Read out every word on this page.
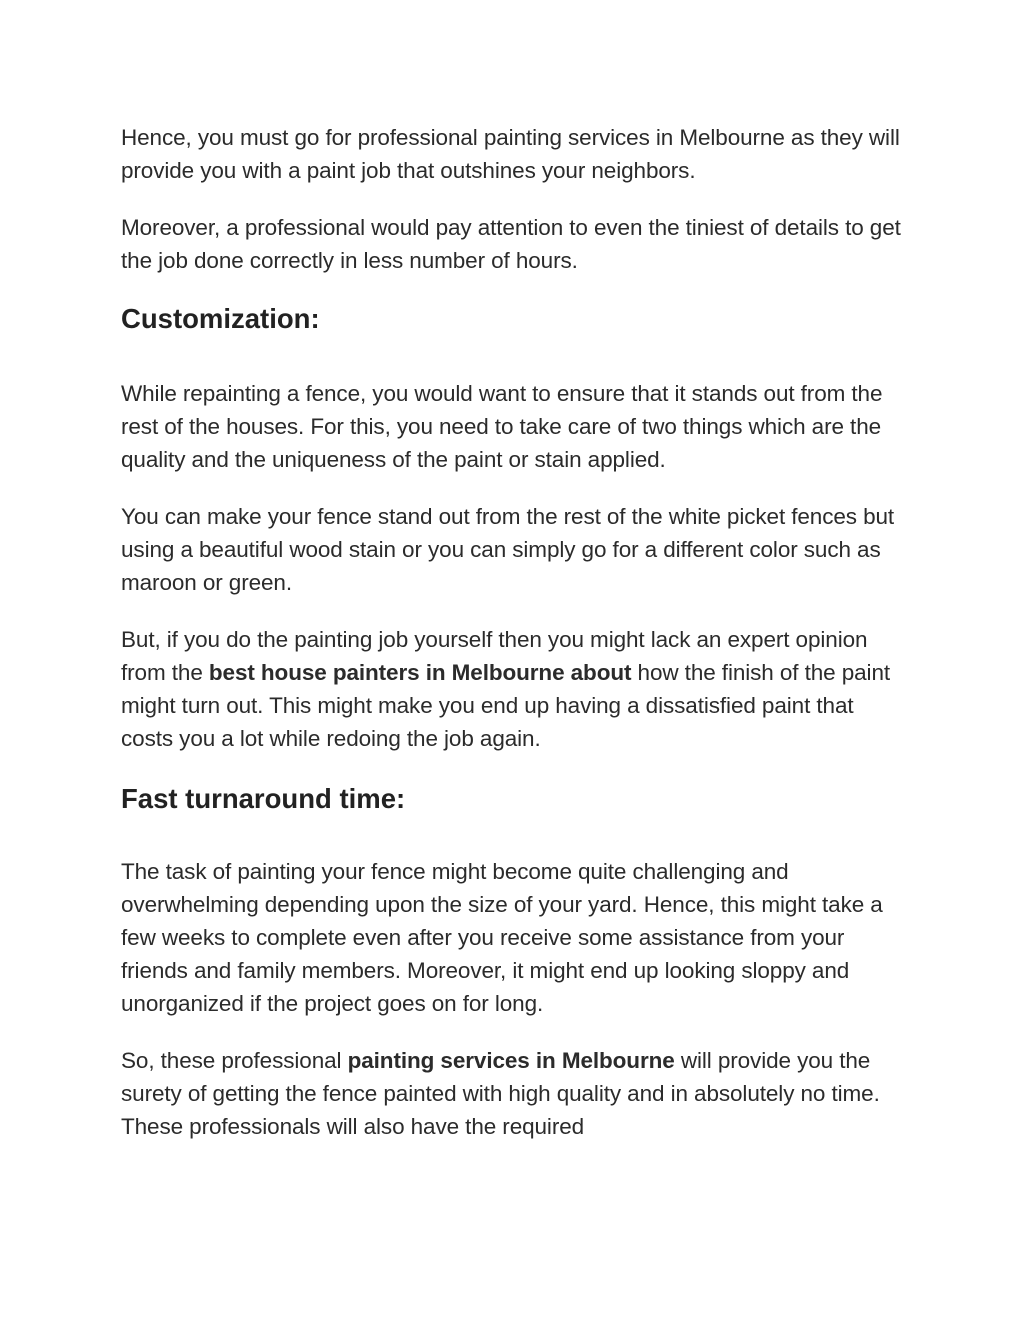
Hence, you must go for professional painting services in Melbourne as they will provide you with a paint job that outshines your neighbors.

Moreover, a professional would pay attention to even the tiniest of details to get the job done correctly in less number of hours.

Customization:

While repainting a fence, you would want to ensure that it stands out from the rest of the houses. For this, you need to take care of two things which are the quality and the uniqueness of the paint or stain applied.

You can make your fence stand out from the rest of the white picket fences but using a beautiful wood stain or you can simply go for a different color such as maroon or green.

But, if you do the painting job yourself then you might lack an expert opinion from the best house painters in Melbourne about how the finish of the paint might turn out. This might make you end up having a dissatisfied paint that costs you a lot while redoing the job again.

Fast turnaround time:

The task of painting your fence might become quite challenging and overwhelming depending upon the size of your yard. Hence, this might take a few weeks to complete even after you receive some assistance from your friends and family members. Moreover, it might end up looking sloppy and unorganized if the project goes on for long.

So, these professional painting services in Melbourne will provide you the surety of getting the fence painted with high quality and in absolutely no time. These professionals will also have the required
